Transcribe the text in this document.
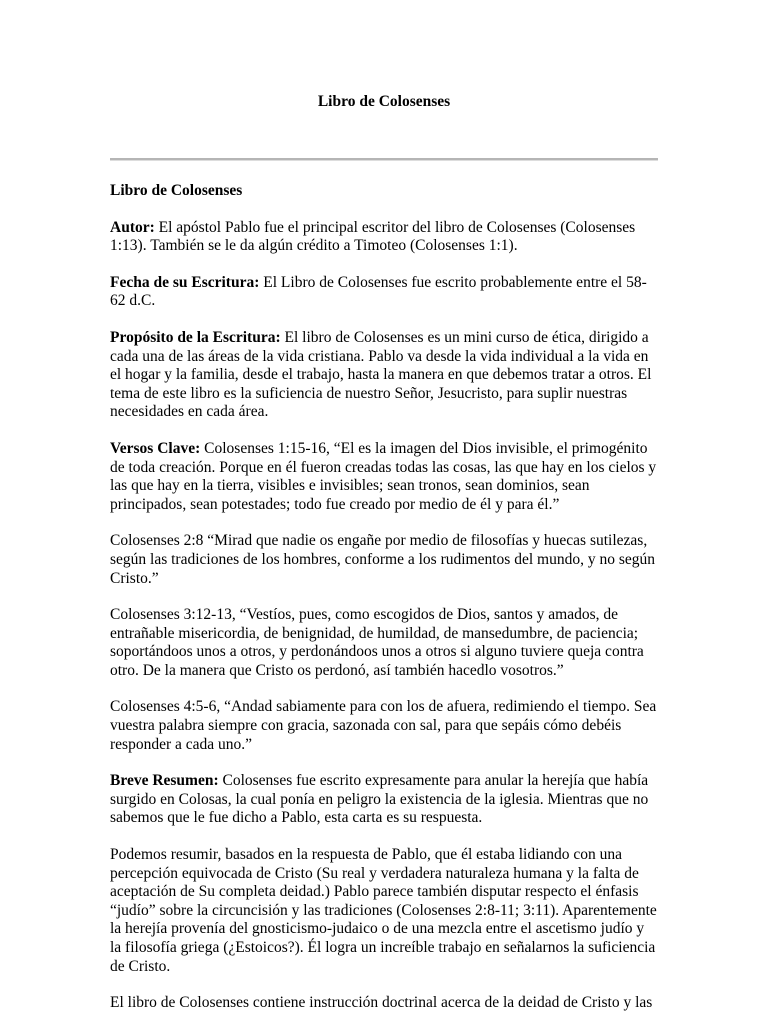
Libro de Colosenses
Libro de Colosenses

Autor: El apóstol Pablo fue el principal escritor del libro de Colosenses (Colosenses 1:13). También se le da algún crédito a Timoteo (Colosenses 1:1).

Fecha de su Escritura: El Libro de Colosenses fue escrito probablemente entre el 58-62 d.C.

Propósito de la Escritura: El libro de Colosenses es un mini curso de ética, dirigido a cada una de las áreas de la vida cristiana. Pablo va desde la vida individual a la vida en el hogar y la familia, desde el trabajo, hasta la manera en que debemos tratar a otros. El tema de este libro es la suficiencia de nuestro Señor, Jesucristo, para suplir nuestras necesidades en cada área.

Versos Clave: Colosenses 1:15-16, “El es la imagen del Dios invisible, el primogénito de toda creación. Porque en él fueron creadas todas las cosas, las que hay en los cielos y las que hay en la tierra, visibles e invisibles; sean tronos, sean dominios, sean principados, sean potestades; todo fue creado por medio de él y para él.”

Colosenses 2:8 “Mirad que nadie os engañe por medio de filosofías y huecas sutilezas, según las tradiciones de los hombres, conforme a los rudimentos del mundo, y no según Cristo.”

Colosenses 3:12-13, “Vestíos, pues, como escogidos de Dios, santos y amados, de entrañable misericordia, de benignidad, de humildad, de mansedumbre, de paciencia; soportándoos unos a otros, y perdonándoos unos a otros si alguno tuviere queja contra otro. De la manera que Cristo os perdonó, así también hacedlo vosotros.”

Colosenses 4:5-6, “Andad sabiamente para con los de afuera, redimiendo el tiempo. Sea vuestra palabra siempre con gracia, sazonada con sal, para que sepáis cómo debéis responder a cada uno.”

Breve Resumen: Colosenses fue escrito expresamente para anular la herejía que había surgido en Colosas, la cual ponía en peligro la existencia de la iglesia. Mientras que no sabemos que le fue dicho a Pablo, esta carta es su respuesta.

Podemos resumir, basados en la respuesta de Pablo, que él estaba lidiando con una percepción equivocada de Cristo (Su real y verdadera naturaleza humana y la falta de aceptación de Su completa deidad.) Pablo parece también disputar respecto el énfasis “judío” sobre la circuncisión y las tradiciones (Colosenses 2:8-11; 3:11). Aparentemente la herejía provenía del gnosticismo-judaico o de una mezcla entre el ascetismo judío y la filosofía griega (¿Estoicos?). Él logra un increíble trabajo en señalarnos la suficiencia de Cristo.

El libro de Colosenses contiene instrucción doctrinal acerca de la deidad de Cristo y las
